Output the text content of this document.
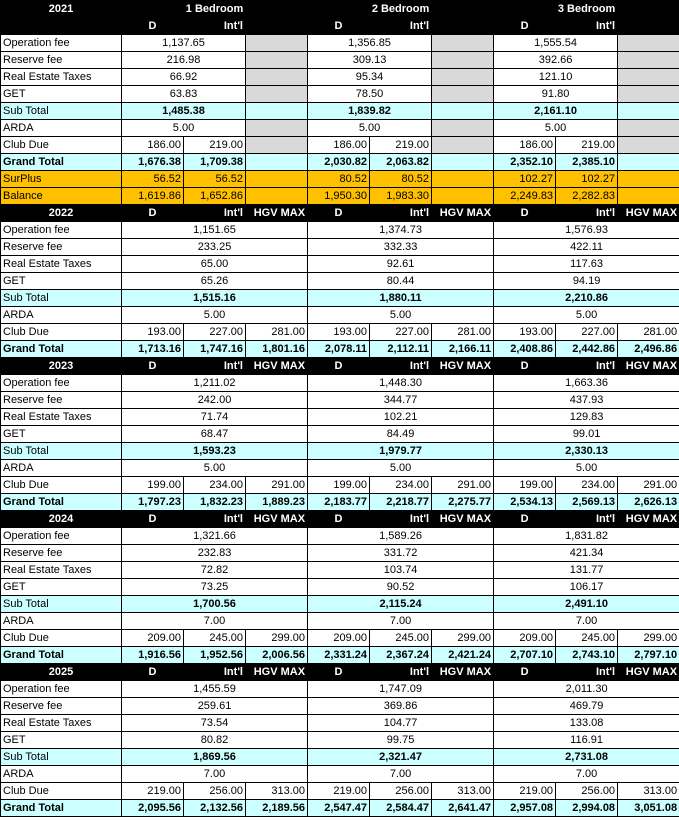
2021	1 Bedroom			2 Bedroom			3 Bedroom		
	D	Int'l		D	Int'l		D	Int'l	
Operation fee	1,137.65			1,356.85			1,555.54		
Reserve fee	216.98			309.13			392.66		
Real Estate Taxes	66.92			95.34			121.10		
GET	63.83			78.50			91.80		
Sub Total	1,485.38			1,839.82			2,161.10		
ARDA	5.00			5.00			5.00		
Club Due	186.00	219.00		186.00	219.00		186.00	219.00	
Grand Total	1,676.38	1,709.38		2,030.82	2,063.82		2,352.10	2,385.10	
SurPlus	56.52	56.52		80.52	80.52		102.27	102.27	
Balance	1,619.86	1,652.86		1,950.30	1,983.30		2,249.83	2,282.83	
2022	D	Int'l	HGV MAX	D	Int'l	HGV MAX	D	Int'l	HGV MAX
Operation fee	1,151.65			1,374.73			1,576.93		
Reserve fee	233.25			332.33			422.11		
Real Estate Taxes	65.00			92.61			117.63		
GET	65.26			80.44			94.19		
Sub Total	1,515.16			1,880.11			2,210.86		
ARDA	5.00			5.00			5.00		
Club Due	193.00	227.00	281.00	193.00	227.00	281.00	193.00	227.00	281.00
Grand Total	1,713.16	1,747.16	1,801.16	2,078.11	2,112.11	2,166.11	2,408.86	2,442.86	2,496.86
2023	D	Int'l	HGV MAX	D	Int'l	HGV MAX	D	Int'l	HGV MAX
Operation fee	1,211.02			1,448.30			1,663.36		
Reserve fee	242.00			344.77			437.93		
Real Estate Taxes	71.74			102.21			129.83		
GET	68.47			84.49			99.01		
Sub Total	1,593.23			1,979.77			2,330.13		
ARDA	5.00			5.00			5.00		
Club Due	199.00	234.00	291.00	199.00	234.00	291.00	199.00	234.00	291.00
Grand Total	1,797.23	1,832.23	1,889.23	2,183.77	2,218.77	2,275.77	2,534.13	2,569.13	2,626.13
2024	D	Int'l	HGV MAX	D	Int'l	HGV MAX	D	Int'l	HGV MAX
Operation fee	1,321.66			1,589.26			1,831.82		
Reserve fee	232.83			331.72			421.34		
Real Estate Taxes	72.82			103.74			131.77		
GET	73.25			90.52			106.17		
Sub Total	1,700.56			2,115.24			2,491.10		
ARDA	7.00			7.00			7.00		
Club Due	209.00	245.00	299.00	209.00	245.00	299.00	209.00	245.00	299.00
Grand Total	1,916.56	1,952.56	2,006.56	2,331.24	2,367.24	2,421.24	2,707.10	2,743.10	2,797.10
2025	D	Int'l	HGV MAX	D	Int'l	HGV MAX	D	Int'l	HGV MAX
Operation fee	1,455.59			1,747.09			2,011.30		
Reserve fee	259.61			369.86			469.79		
Real Estate Taxes	73.54			104.77			133.08		
GET	80.82			99.75			116.91		
Sub Total	1,869.56			2,321.47			2,731.08		
ARDA	7.00			7.00			7.00		
Club Due	219.00	256.00	313.00	219.00	256.00	313.00	219.00	256.00	313.00
Grand Total	2,095.56	2,132.56	2,189.56	2,547.47	2,584.47	2,641.47	2,957.08	2,994.08	3,051.08
